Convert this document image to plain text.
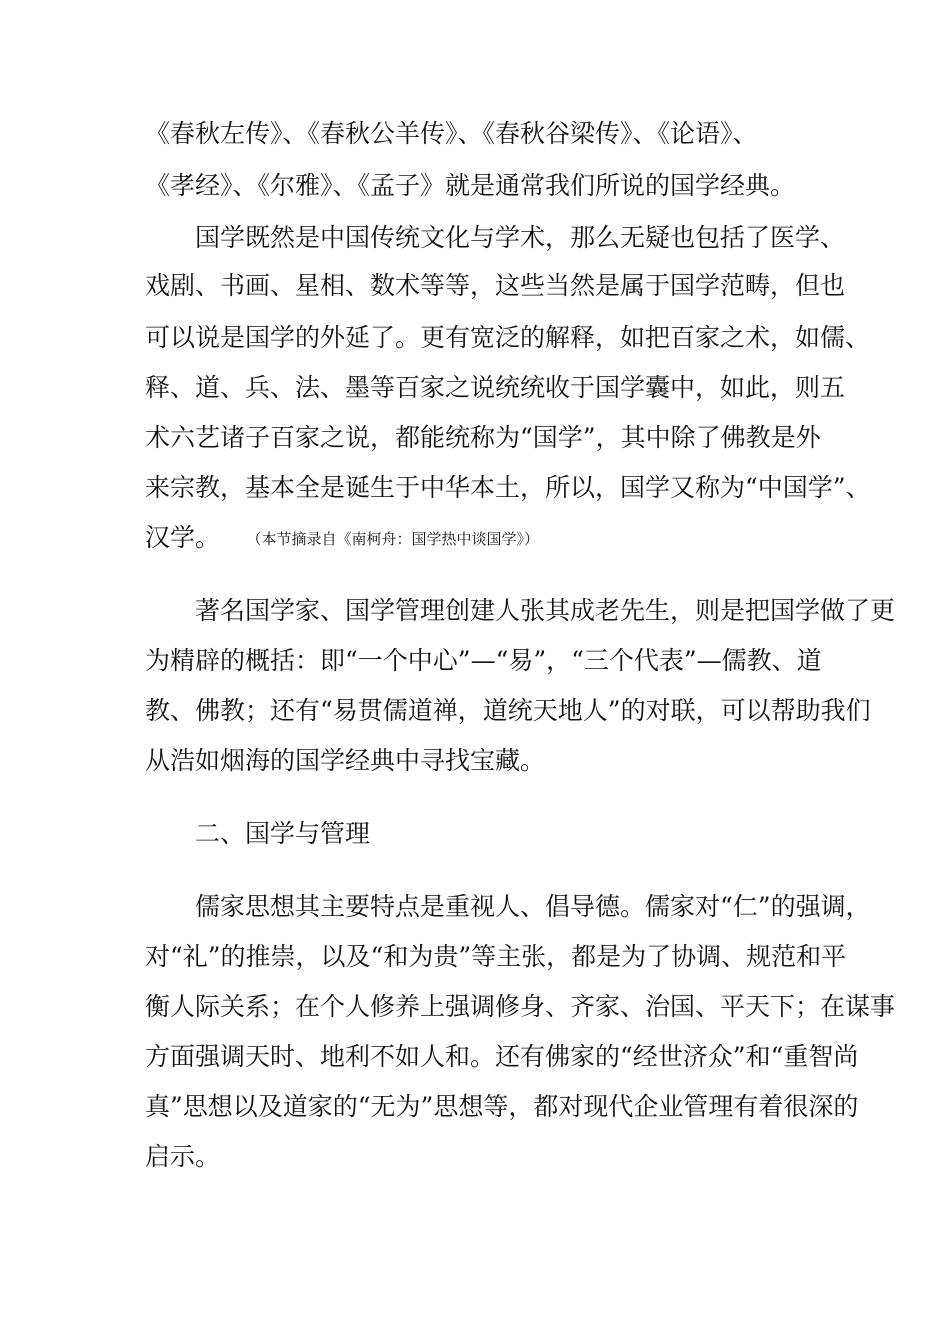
《春秋左传》、《春秋公羊传》、《春秋谷梁传》、《论语》、
《孝经》、《尔雅》、《孟子》就是通常我们所说的国学经典。
国学既然是中国传统文化与学术，那么无疑也包括了医学、
戏剧、书画、星相、数术等等，这些当然是属于国学范畴，但也
可以说是国学的外延了。更有宽泛的解释，如把百家之术，如儒、
释、道、兵、法、墨等百家之说统统收于国学囊中，如此，则五
术六艺诸子百家之说，都能统称为“国学”，其中除了佛教是外
来宗教，基本全是诞生于中华本土，所以，国学又称为“中国学”、
汉学。 （本节摘录自《南柯舟：国学热中谈国学》）
著名国学家、国学管理创建人张其成老先生，则是把国学做了更
为精辟的概括：即“一个中心”—“易”，“三个代表”—儒教、道
教、佛教；还有“易贯儒道禅，道统天地人”的对联，可以帮助我们
从浩如烟海的国学经典中寻找宝藏。
二、国学与管理
儒家思想其主要特点是重视人、倡导德。儒家对“仁”的强调，
对“礼”的推崇，以及“和为贵”等主张，都是为了协调、规范和平
衡人际关系；在个人修养上强调修身、齐家、治国、平天下；在谋事
方面强调天时、地利不如人和。还有佛家的“经世济众”和“重智尚
真”思想以及道家的“无为”思想等，都对现代企业管理有着很深的
启示。
